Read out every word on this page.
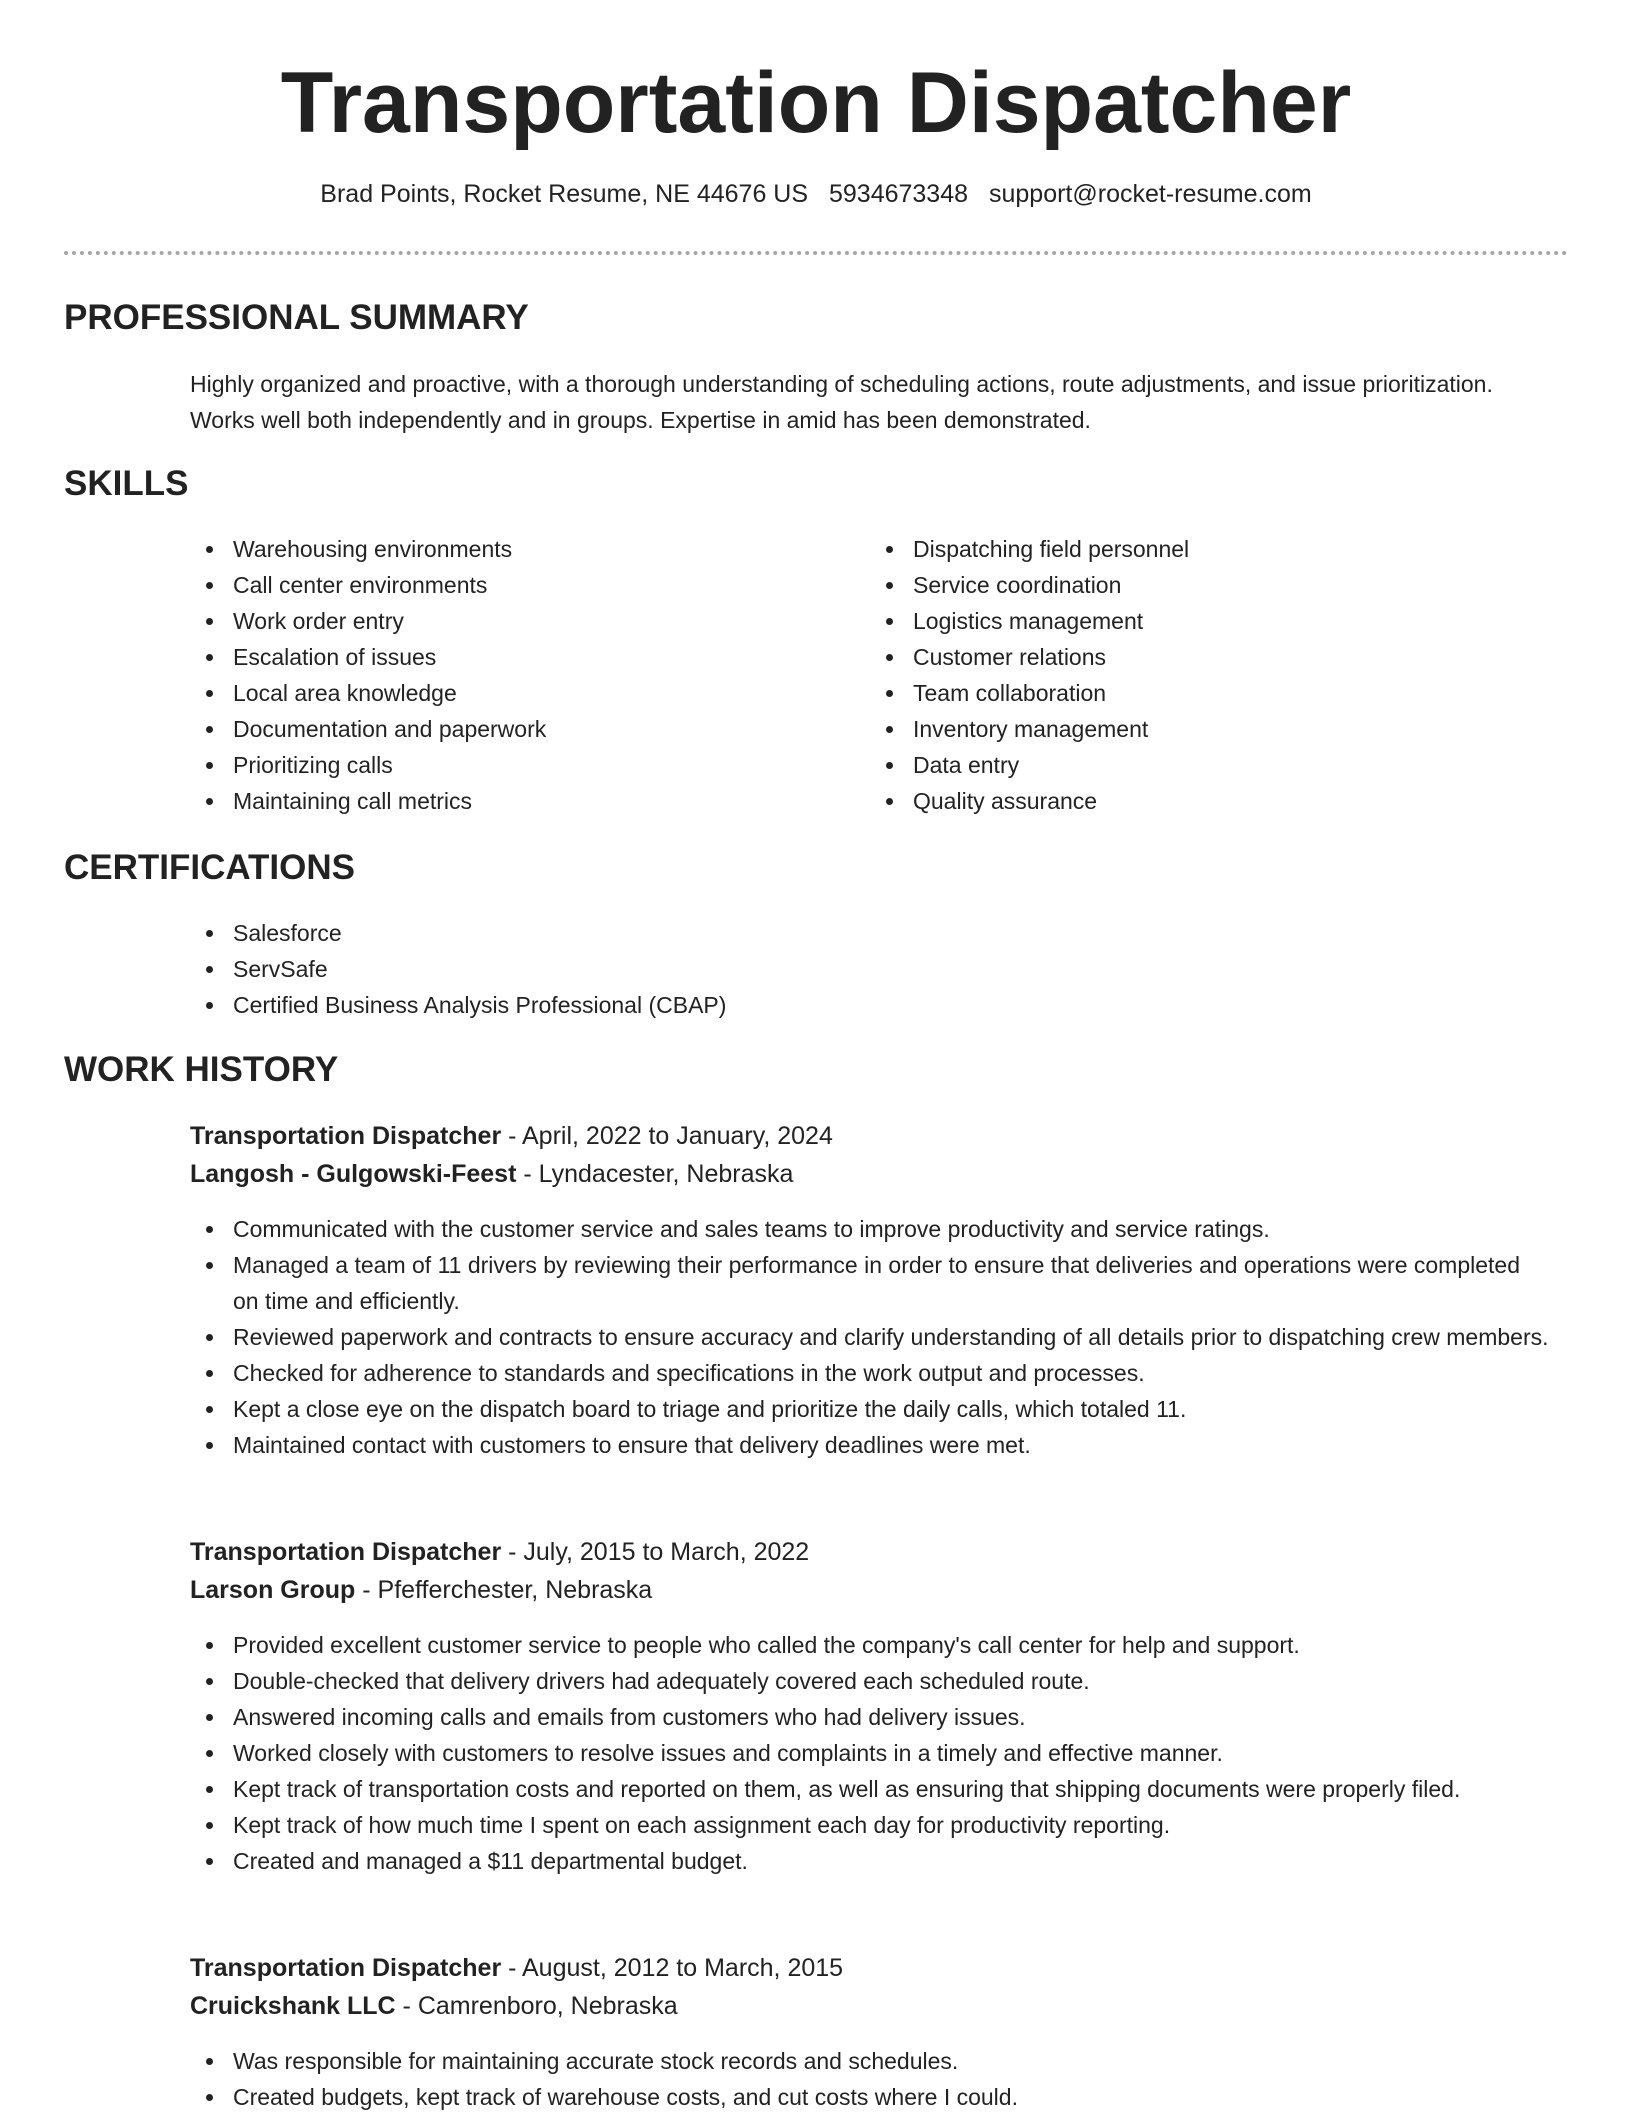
Transportation Dispatcher
Brad Points, Rocket Resume, NE 44676 US 5934673348 support@rocket-resume.com
PROFESSIONAL SUMMARY
Highly organized and proactive, with a thorough understanding of scheduling actions, route adjustments, and issue prioritization. Works well both independently and in groups. Expertise in amid has been demonstrated.
SKILLS
Warehousing environments
Call center environments
Work order entry
Escalation of issues
Local area knowledge
Documentation and paperwork
Prioritizing calls
Maintaining call metrics
Dispatching field personnel
Service coordination
Logistics management
Customer relations
Team collaboration
Inventory management
Data entry
Quality assurance
CERTIFICATIONS
Salesforce
ServSafe
Certified Business Analysis Professional (CBAP)
WORK HISTORY
Transportation Dispatcher - April, 2022 to January, 2024
Langosh - Gulgowski-Feest - Lyndacester, Nebraska
Communicated with the customer service and sales teams to improve productivity and service ratings.
Managed a team of 11 drivers by reviewing their performance in order to ensure that deliveries and operations were completed on time and efficiently.
Reviewed paperwork and contracts to ensure accuracy and clarify understanding of all details prior to dispatching crew members.
Checked for adherence to standards and specifications in the work output and processes.
Kept a close eye on the dispatch board to triage and prioritize the daily calls, which totaled 11.
Maintained contact with customers to ensure that delivery deadlines were met.
Transportation Dispatcher - July, 2015 to March, 2022
Larson Group - Pfefferchester, Nebraska
Provided excellent customer service to people who called the company's call center for help and support.
Double-checked that delivery drivers had adequately covered each scheduled route.
Answered incoming calls and emails from customers who had delivery issues.
Worked closely with customers to resolve issues and complaints in a timely and effective manner.
Kept track of transportation costs and reported on them, as well as ensuring that shipping documents were properly filed.
Kept track of how much time I spent on each assignment each day for productivity reporting.
Created and managed a $11 departmental budget.
Transportation Dispatcher - August, 2012 to March, 2015
Cruickshank LLC - Camrenboro, Nebraska
Was responsible for maintaining accurate stock records and schedules.
Created budgets, kept track of warehouse costs, and cut costs where I could.
